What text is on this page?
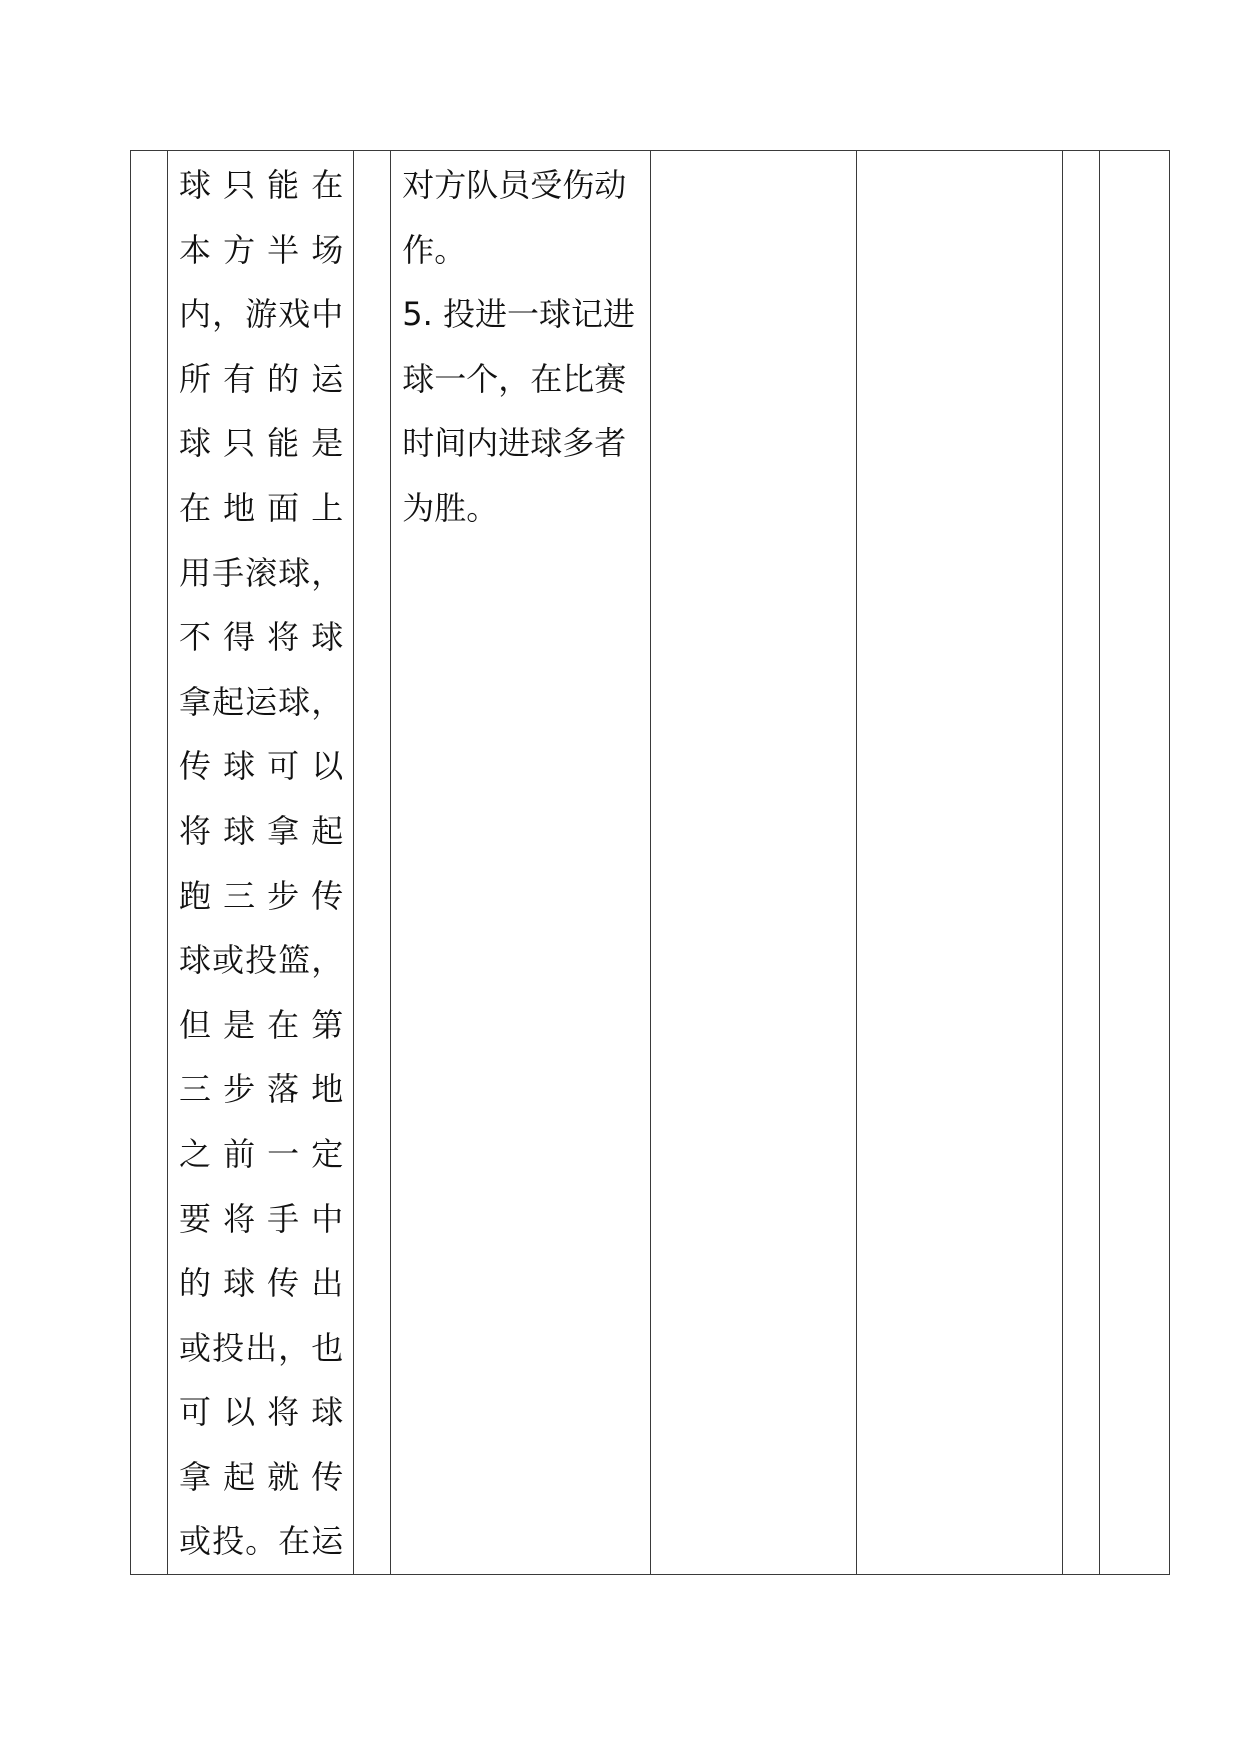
球只能在
本方半场
内，游戏中
所有的运
球只能是
在地面上
用手滚球，
不得将球
拿起运球，
传球可以
将球拿起
跑三步传
球或投篮，
但是在第
三步落地
之前一定
要将手中
的球传出
或投出，也
可以将球
拿起就传
或投。在运

对方队员受伤动
作。
5. 投进一球记进
球一个，在比赛
时间内进球多者
为胜。
